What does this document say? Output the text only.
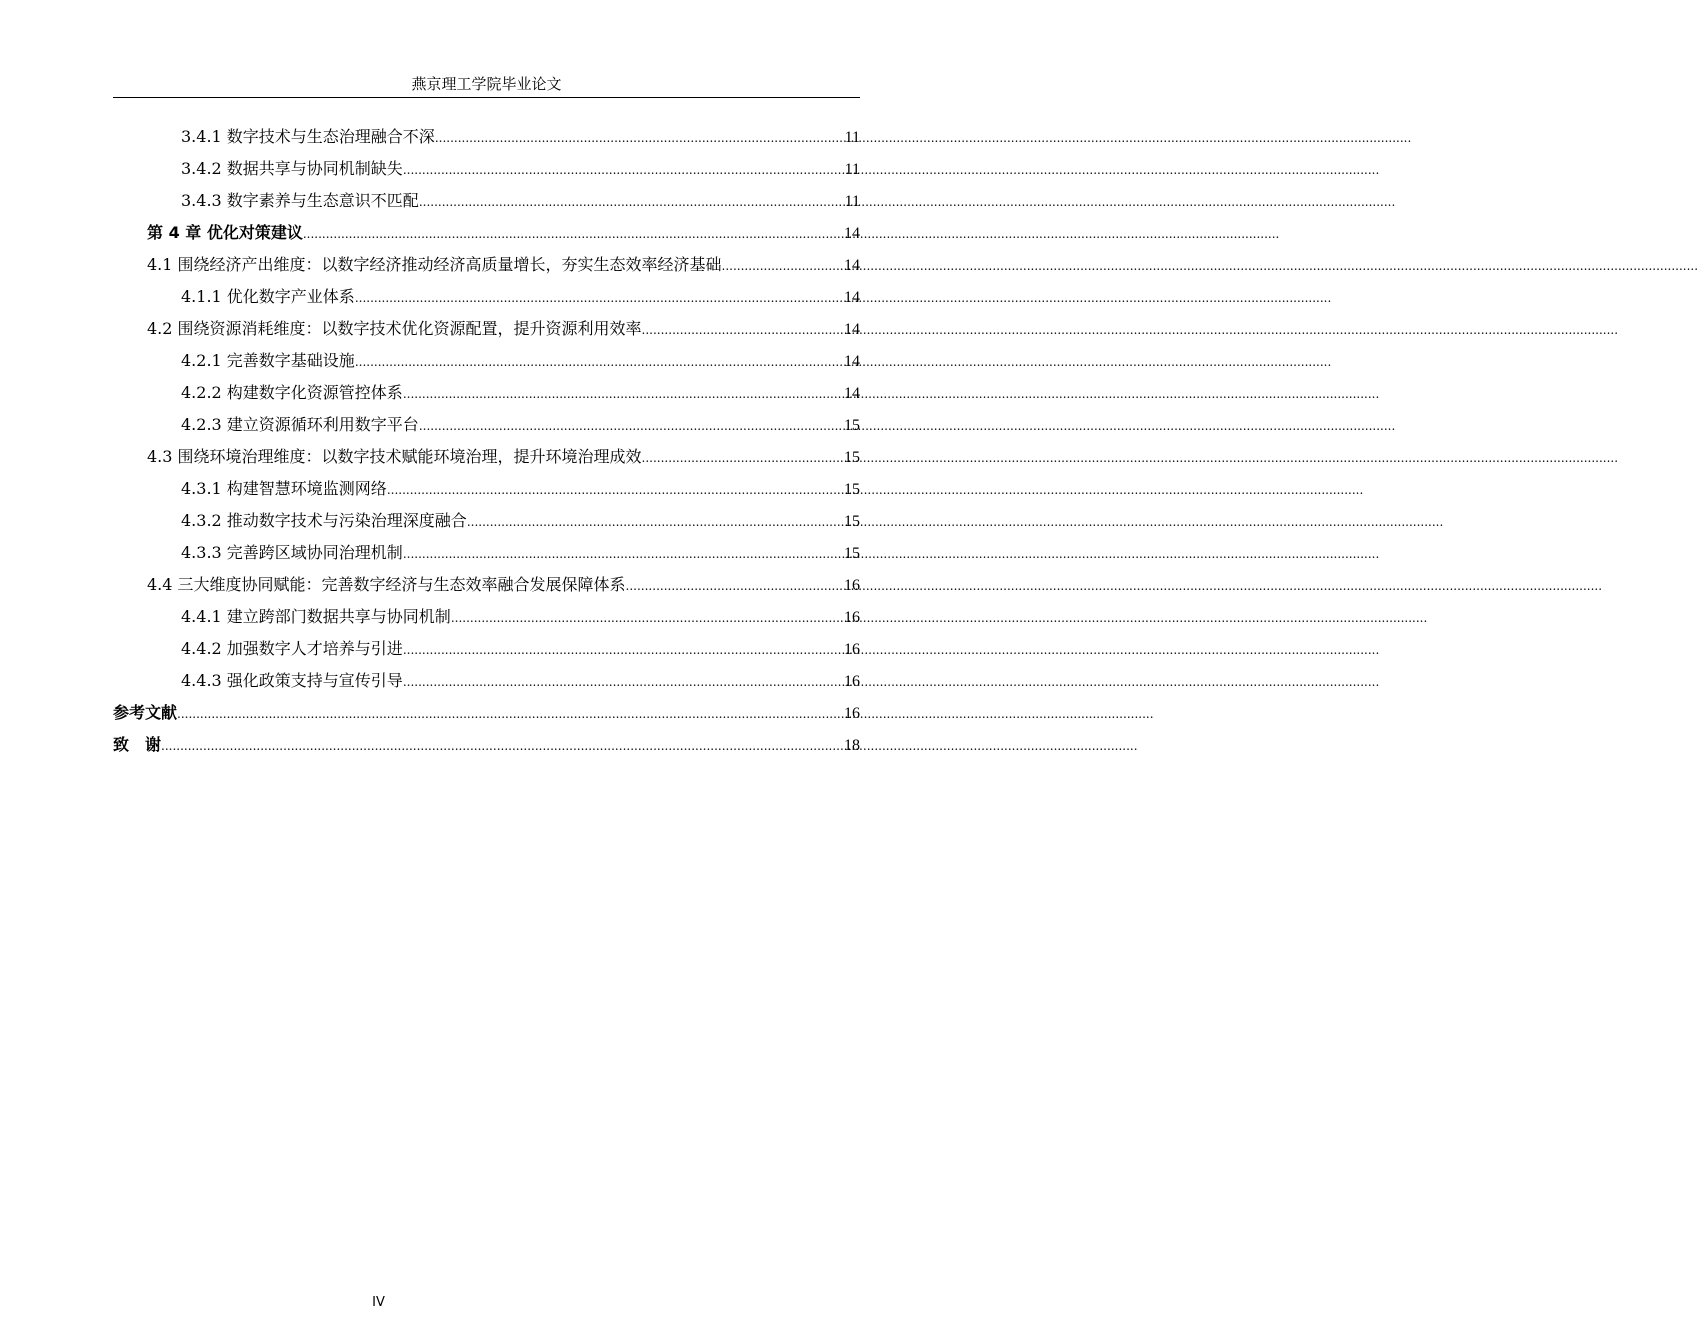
燕京理工学院毕业论文
3.4.1 数字技术与生态治理融合不深 .....	11
3.4.2 数据共享与协同机制缺失 .....	11
3.4.3 数字素养与生态意识不匹配 .....	11
第 4 章 优化对策建议 .....	14
4.1 围绕经济产出维度：以数字经济推动经济高质量增长，夯实生态效率经济基础 .....	14
4.1.1 优化数字产业体系 .....	14
4.2 围绕资源消耗维度：以数字技术优化资源配置，提升资源利用效率 .....	14
4.2.1 完善数字基础设施 .....	14
4.2.2 构建数字化资源管控体系 .....	14
4.2.3 建立资源循环利用数字平台 .....	15
4.3 围绕环境治理维度：以数字技术赋能环境治理，提升环境治理成效 .....	15
4.3.1 构建智慧环境监测网络 .....	15
4.3.2 推动数字技术与污染治理深度融合 .....	15
4.3.3 完善跨区域协同治理机制 .....	15
4.4 三大维度协同赋能：完善数字经济与生态效率融合发展保障体系 .....	16
4.4.1 建立跨部门数据共享与协同机制 .....	16
4.4.2 加强数字人才培养与引进 .....	16
4.4.3 强化政策支持与宣传引导 .....	16
参考文献 .....	16
致　谢 .....	18
IV
